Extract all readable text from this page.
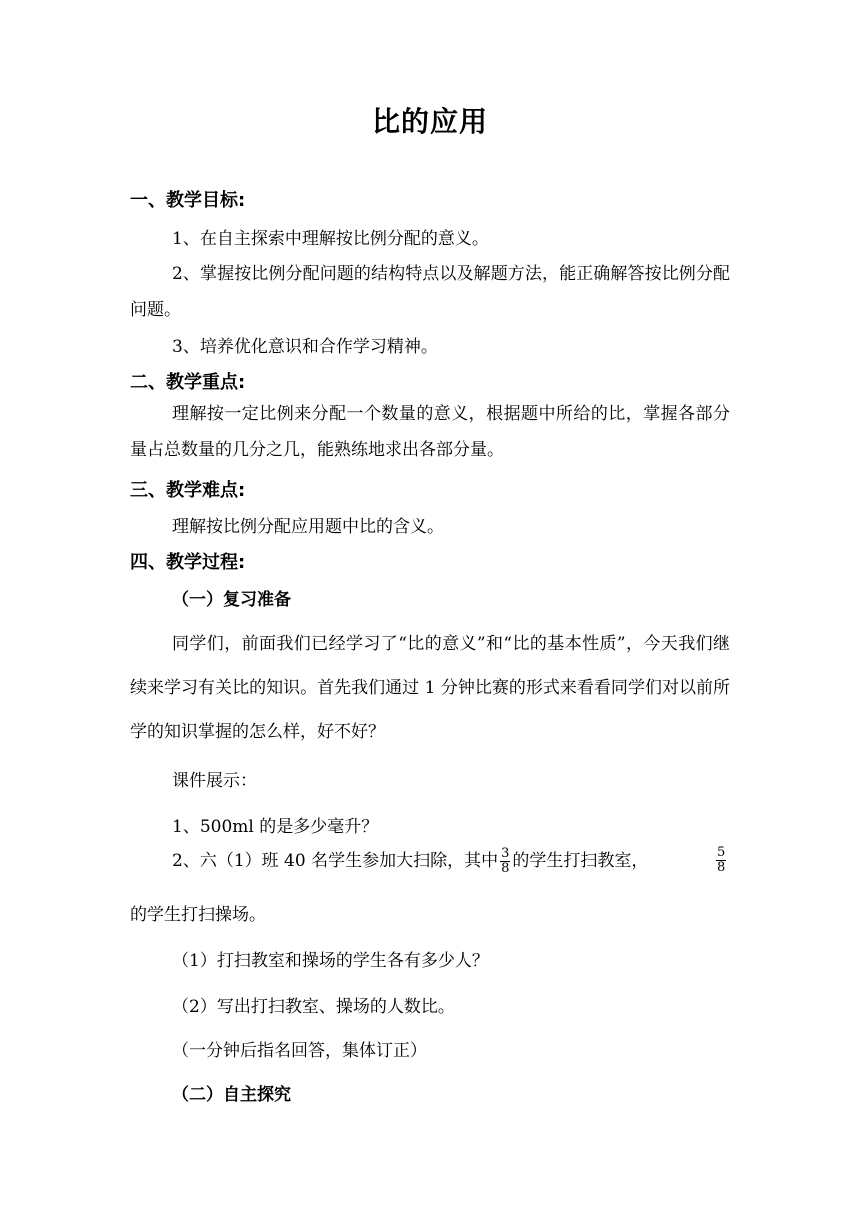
比的应用
一、教学目标:
1、在自主探索中理解按比例分配的意义。
2、掌握按比例分配问题的结构特点以及解题方法，能正确解答按比例分配问题。
3、培养优化意识和合作学习精神。
二、教学重点:
理解按一定比例来分配一个数量的意义，根据题中所给的比，掌握各部分量占总数量的几分之几，能熟练地求出各部分量。
三、教学难点:
理解按比例分配应用题中比的含义。
四、教学过程:
（一）复习准备
同学们，前面我们已经学习了“比的意义”和“比的基本性质”，今天我们继续来学习有关比的知识。首先我们通过 1 分钟比赛的形式来看看同学们对以前所学的知识掌握的怎么样，好不好？
课件展示：
1、500ml 的是多少毫升？
2、六（1）班 40 名学生参加大扫除，其中 $\frac{3}{8}$ 的学生打扫教室，	$\frac{5}{8}$
的学生打扫操场。
（1）打扫教室和操场的学生各有多少人？
（2）写出打扫教室、操场的人数比。
（一分钟后指名回答，集体订正）
（二）自主探究
